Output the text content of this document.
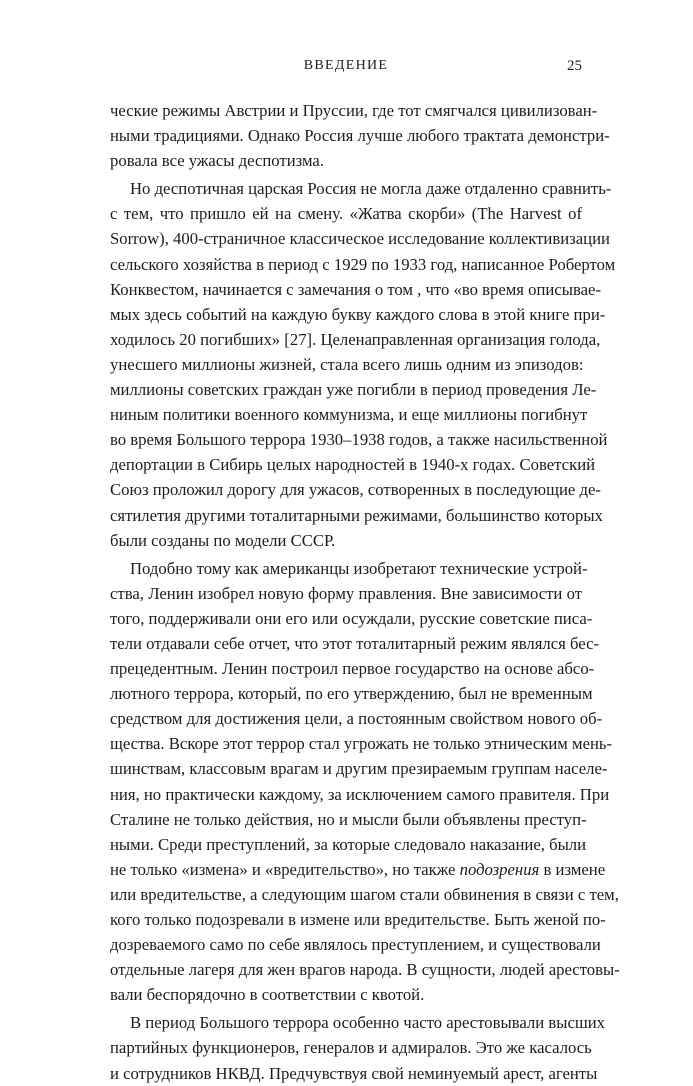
ВВЕДЕНИЕ	25
ческие режимы Австрии и Пруссии, где тот смягчался цивилизован-
ными традициями. Однако Россия лучше любого трактата демонстри-
ровала все ужасы деспотизма.
Но деспотичная царская Россия не могла даже отдаленно сравнить-
с тем, что пришло ей на смену. «Жатва скорби» (The Harvest of
Sorrow), 400-страничное классическое исследование коллективизации
сельского хозяйства в период с 1929 по 1933 год, написанное Робертом
Конквестом, начинается с замечания о том , что «во время описывае-
мых здесь событий на каждую букву каждого слова в этой книге при-
ходилось 20 погибших» [27]. Целенаправленная организация голода,
унесшего миллионы жизней, стала всего лишь одним из эпизодов:
миллионы советских граждан уже погибли в период проведения Ле-
ниным политики военного коммунизма, и еще миллионы погибнут
во время Большого террора 1930–1938 годов, а также насильственной
депортации в Сибирь целых народностей в 1940-х годах. Советский
Союз проложил дорогу для ужасов, сотворенных в последующие де-
сятилетия другими тоталитарными режимами, большинство которых
были созданы по модели СССР.
Подобно тому как американцы изобретают технические устрой-
ства, Ленин изобрел новую форму правления. Вне зависимости от
того, поддерживали они его или осуждали, русские советские писа-
тели отдавали себе отчет, что этот тоталитарный режим являлся бес-
прецедентным. Ленин построил первое государство на основе абсо-
лютного террора, который, по его утверждению, был не временным
средством для достижения цели, а постоянным свойством нового об-
щества. Вскоре этот террор стал угрожать не только этническим мень-
шинствам, классовым врагам и другим презираемым группам населе-
ния, но практически каждому, за исключением самого правителя. При
Сталине не только действия, но и мысли были объявлены преступ-
ными. Среди преступлений, за которые следовало наказание, были
не только «измена» и «вредительство», но также подозрения в измене
или вредительстве, а следующим шагом стали обвинения в связи с тем,
кого только подозревали в измене или вредительстве. Быть женой по-
дозреваемого само по себе являлось преступлением, и существовали
отдельные лагеря для жен врагов народа. В сущности, людей арестовы-
вали беспорядочно в соответствии с квотой.
В период Большого террора особенно часто арестовывали высших
партийных функционеров, генералов и адмиралов. Это же касалось
и сотрудников НКВД. Предчувствуя свой неминуемый арест, агенты
